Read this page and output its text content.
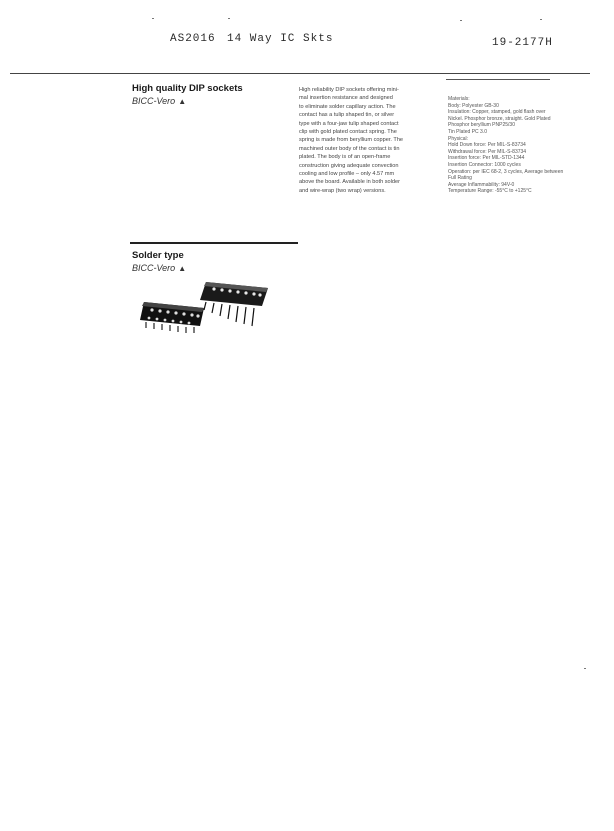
AS2016 14 Way IC Skts	19-2177H
High quality DIP sockets
BICC-Vero ▲
High reliability DIP sockets offering mini-
mal insertion resistance and designed
to eliminate solder capillary action. The
contact has a tulip shaped tin, or silver
type with a four-jaw tulip shaped contact
clip with gold plated contact spring. The
spring is made from beryllium copper. The
machined outer body of the contact is tin
plated. The body is of an open-frame
construction giving adequate convection
cooling and low profile – only 4.57 mm
above the board. Available in both solder
and wire-wrap (two wrap) versions.
Materials:
Body: Polyester GB-30
Insulation: Copper, stamped, gold flash over
Nickel. Phosphor bronze, straight. Gold Plated
Phosphor beryllium PNP25/30
Tin Plated PC 3.0
Physical:
Hold Down force: Per MIL-S-83734
Withdrawal force: Per MIL-S-83734
Insertion force: Per MIL-STD-1344
Insertion Connector: 1000 cycles
Operation: per IEC 68-2, 3 cycles, Average between
Full Rating
Average Inflammability: 94V-0
Temperature Range: -55°C to +125°C
Solder type
BICC-Vero ▲
